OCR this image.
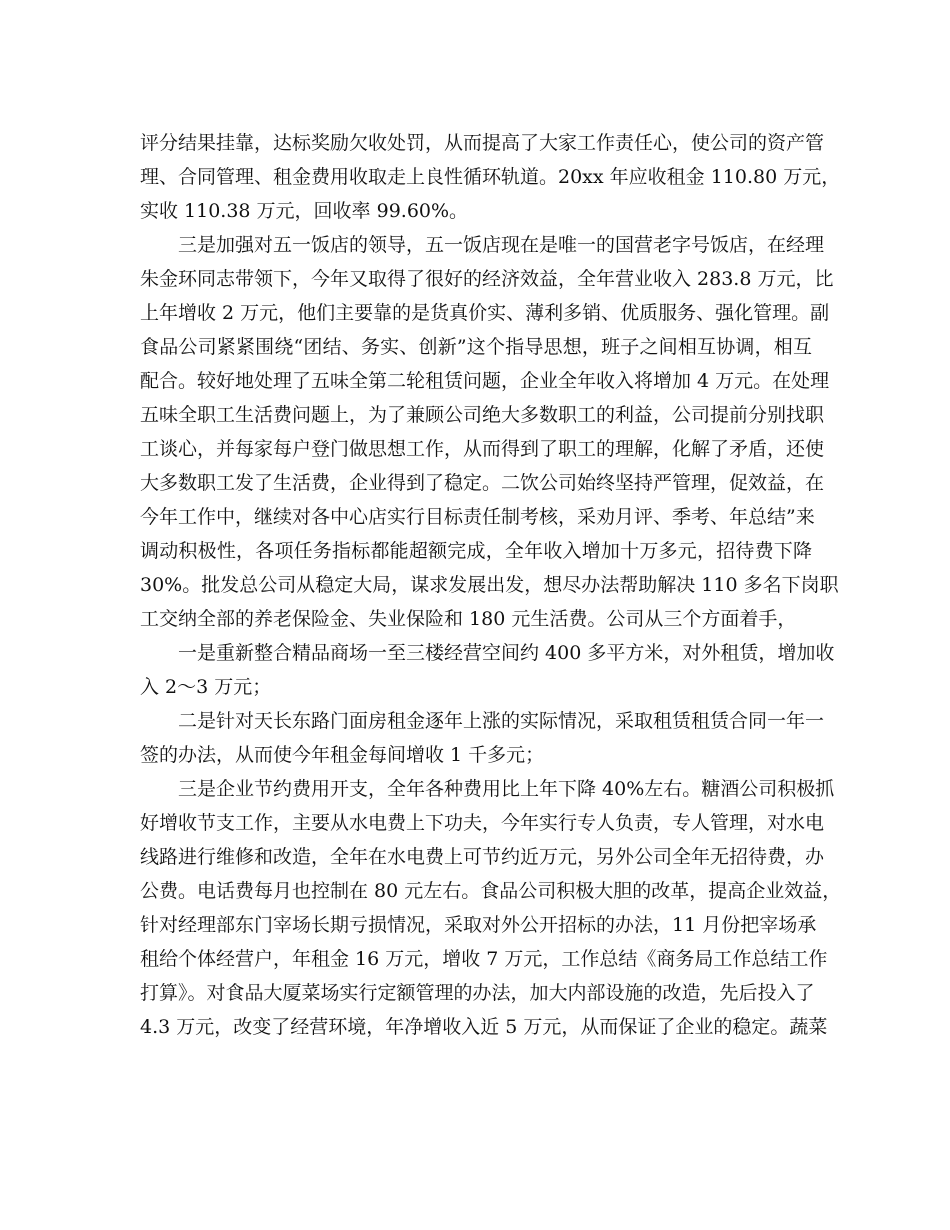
评分结果挂靠，达标奖励欠收处罚，从而提高了大家工作责任心，使公司的资产管
理、合同管理、租金费用收取走上良性循环轨道。20xx 年应收租金 110.80 万元，
实收 110.38 万元，回收率 99.60%。
三是加强对五一饭店的领导，五一饭店现在是唯一的国营老字号饭店，在经理
朱金环同志带领下，今年又取得了很好的经济效益，全年营业收入 283.8 万元，比
上年增收 2 万元，他们主要靠的是货真价实、薄利多销、优质服务、强化管理。副
食品公司紧紧围绕“团结、务实、创新”这个指导思想，班子之间相互协调，相互
配合。较好地处理了五味全第二轮租赁问题，企业全年收入将增加 4 万元。在处理
五味全职工生活费问题上，为了兼顾公司绝大多数职工的利益，公司提前分别找职
工谈心，并每家每户登门做思想工作，从而得到了职工的理解，化解了矛盾，还使
大多数职工发了生活费，企业得到了稳定。二饮公司始终坚持严管理，促效益，在
今年工作中，继续对各中心店实行目标责任制考核，采劝月评、季考、年总结”来
调动积极性，各项任务指标都能超额完成，全年收入增加十万多元，招待费下降
30%。批发总公司从稳定大局，谋求发展出发，想尽办法帮助解决 110 多名下岗职
工交纳全部的养老保险金、失业保险和 180 元生活费。公司从三个方面着手，
一是重新整合精品商场一至三楼经营空间约 400 多平方米，对外租赁，增加收
入 2～3 万元；
二是针对天长东路门面房租金逐年上涨的实际情况，采取租赁租赁合同一年一
签的办法，从而使今年租金每间增收 1 千多元；
三是企业节约费用开支，全年各种费用比上年下降 40%左右。糖酒公司积极抓
好增收节支工作，主要从水电费上下功夫，今年实行专人负责，专人管理，对水电
线路进行维修和改造，全年在水电费上可节约近万元，另外公司全年无招待费，办
公费。电话费每月也控制在 80 元左右。食品公司积极大胆的改革，提高企业效益，
针对经理部东门宰场长期亏损情况，采取对外公开招标的办法，11 月份把宰场承
租给个体经营户，年租金 16 万元，增收 7 万元，工作总结《商务局工作总结工作
打算》。对食品大厦菜场实行定额管理的办法，加大内部设施的改造，先后投入了
4.3 万元，改变了经营环境，年净增收入近 5 万元，从而保证了企业的稳定。蔬菜
